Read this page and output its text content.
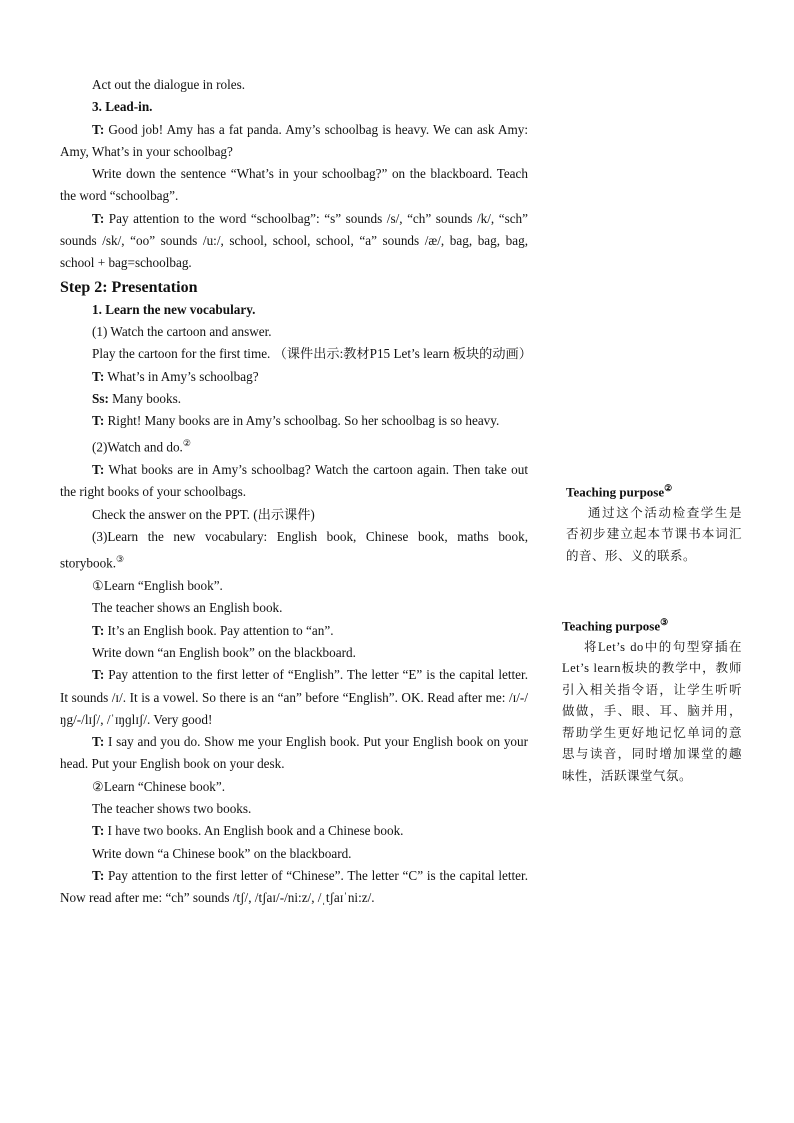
Act out the dialogue in roles.

3. Lead-in.

T: Good job! Amy has a fat panda. Amy’s schoolbag is heavy. We can ask Amy: Amy, What’s in your schoolbag?

Write down the sentence “What’s in your schoolbag?” on the blackboard. Teach the word “schoolbag”.

T: Pay attention to the word “schoolbag”: “s” sounds /s/, “ch” sounds /k/, “sch” sounds /sk/, “oo” sounds /u:/, school, school, school, “a” sounds /æ/, bag, bag, bag, school + bag=schoolbag.

Step 2: Presentation

1. Learn the new vocabulary.

(1) Watch the cartoon and answer.

Play the cartoon for the first time. （课件出示:教材P15 Let’s learn 板块的动画）

T: What’s in Amy’s schoolbag?

Ss: Many books.

T: Right! Many books are in Amy’s schoolbag. So her schoolbag is so heavy.

(2)Watch and do.②

T: What books are in Amy’s schoolbag? Watch the cartoon again. Then take out the right books of your schoolbags.

Check the answer on the PPT. (出示课件)

(3)Learn the new vocabulary: English book, Chinese book, maths book, storybook.③

①Learn “English book”.

The teacher shows an English book.

T: It’s an English book. Pay attention to “an”.

Write down “an English book” on the blackboard.

T: Pay attention to the first letter of “English”. The letter “E” is the capital letter. It sounds /ɪ/. It is a vowel. So there is an “an” before “English”. OK. Read after me: /ɪ/-/ŋg/-/lɪʃ/, /ˈɪŋɡlɪʃ/. Very good!

T: I say and you do. Show me your English book. Put your English book on your head. Put your English book on your desk.

②Learn “Chinese book”.

The teacher shows two books.

T: I have two books. An English book and a Chinese book.

Write down “a Chinese book” on the blackboard.

T: Pay attention to the first letter of “Chinese”. The letter “C” is the capital letter. Now read after me: “ch” sounds /tʃ/, /tʃaɪ/-/ni:z/, /ˌtʃaɪˈni:z/.

Teaching purpose②
通过这个活动检查学生是否初步建立起本节课书本词汇的音、形、义的联系。
Teaching purpose③
将Let’s do中的句型穿插在Let’s learn板块的教学中，教师引入相关指令语，让学生听听做做，手、眼、耳、脑并用，帮助学生更好地记忆单词的意思与读音，同时增加课堂的趣味性，活跃课堂气氛。
